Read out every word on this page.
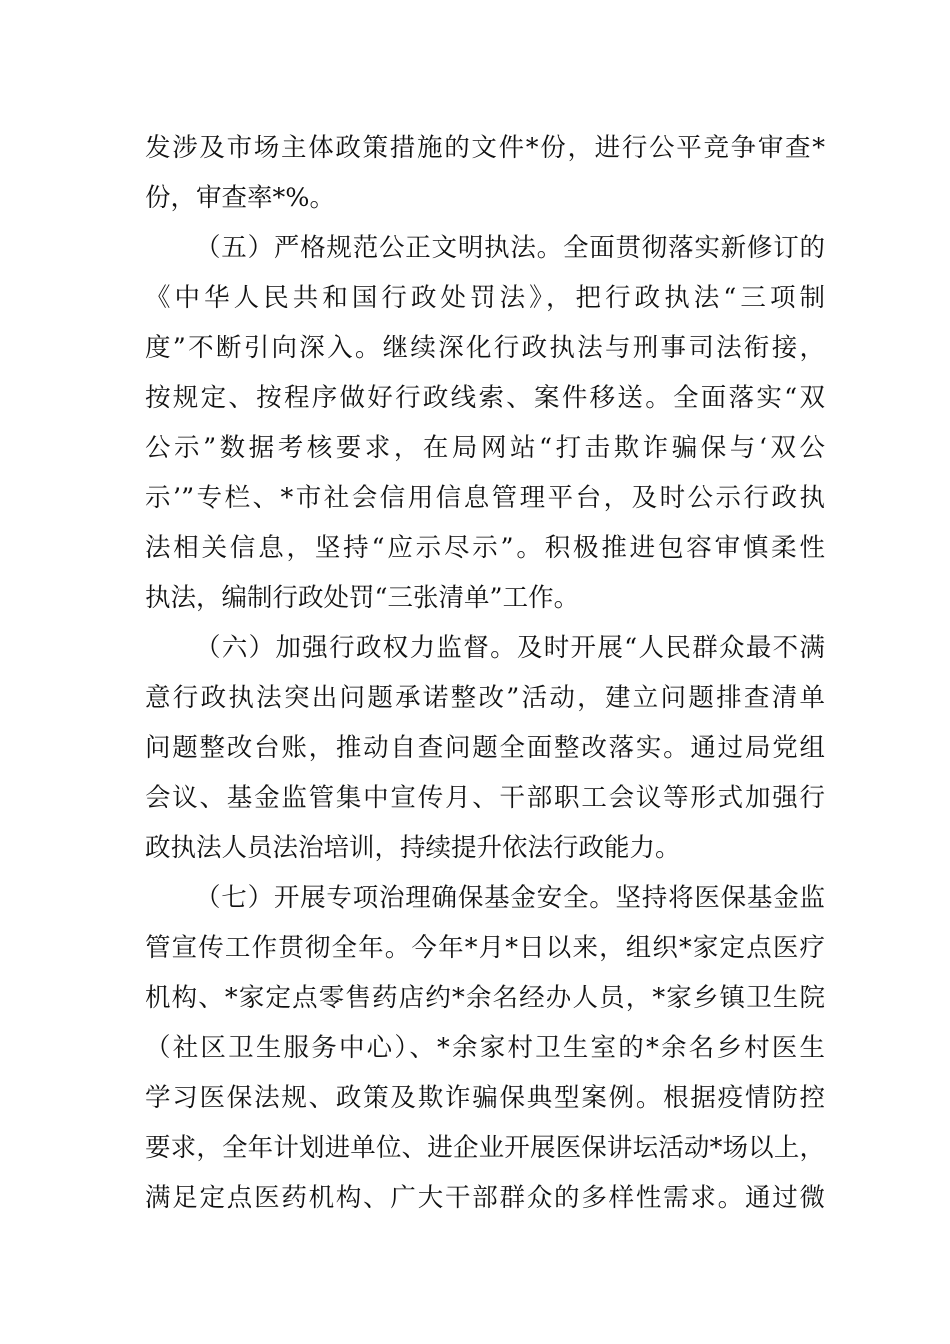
发涉及市场主体政策措施的文件*份，进行公平竞争审查*
份，审查率*%。
（五）严格规范公正文明执法。全面贯彻落实新修订的
《中华人民共和国行政处罚法》，把行政执法“三项制
度”不断引向深入。继续深化行政执法与刑事司法衔接，
按规定、按程序做好行政线索、案件移送。全面落实“双
公示”数据考核要求，在局网站“打击欺诈骗保与‘双公
示’”专栏、*市社会信用信息管理平台，及时公示行政执
法相关信息，坚持“应示尽示”。积极推进包容审慎柔性
执法，编制行政处罚“三张清单”工作。
（六）加强行政权力监督。及时开展“人民群众最不满
意行政执法突出问题承诺整改”活动，建立问题排查清单
问题整改台账，推动自查问题全面整改落实。通过局党组
会议、基金监管集中宣传月、干部职工会议等形式加强行
政执法人员法治培训，持续提升依法行政能力。
（七）开展专项治理确保基金安全。坚持将医保基金监
管宣传工作贯彻全年。今年*月*日以来，组织*家定点医疗
机构、*家定点零售药店约*余名经办人员，*家乡镇卫生院
（社区卫生服务中心）、*余家村卫生室的*余名乡村医生
学习医保法规、政策及欺诈骗保典型案例。根据疫情防控
要求，全年计划进单位、进企业开展医保讲坛活动*场以上，
满足定点医药机构、广大干部群众的多样性需求。通过微
